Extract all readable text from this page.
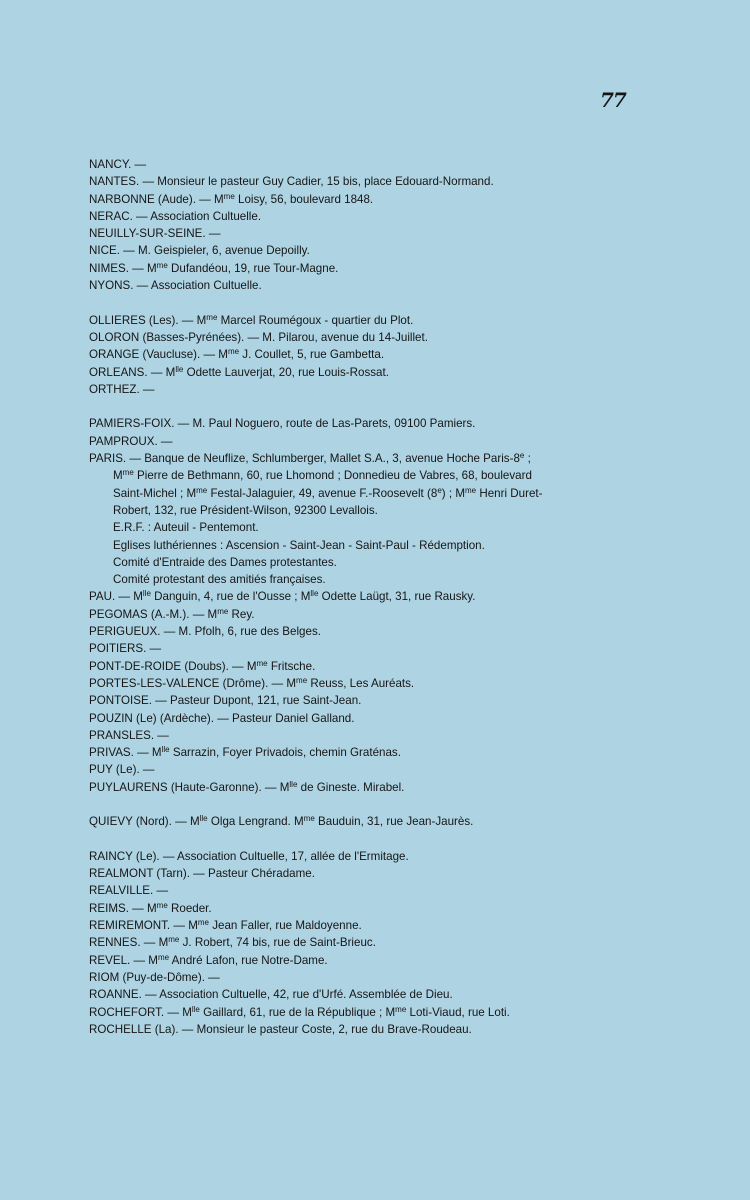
77

NANCY. —

NANTES. — Monsieur le pasteur Guy Cadier, 15 bis, place Edouard-Normand.

NARBONNE (Aude). — $M^{me}$ Loisy, 56, boulevard 1848.

NERAC. — Association Cultuelle.

NEUILLY-SUR-SEINE. —

NICE. — M. Geispieler, 6, avenue Depoilly.

NIMES. — $M^{me}$ Dufandéou, 19, rue Tour-Magne.

NYONS. — Association Cultuelle.

OLLIERES (Les). — $M^{me}$ Marcel Roumégoux - quartier du Plot.

OLORON (Basses-Pyrénées). — M. Pilarou, avenue du 14-Juillet.

ORANGE (Vaucluse). — $M^{me}$ J. Coullet, 5, rue Gambetta.

ORLEANS. — $M^{lle}$ Odette Lauverjat, 20, rue Louis-Rossat.

ORTHEZ. —

PAMIERS-FOIX. — M. Paul Noguero, route de Las-Parets, 09100 Pamiers.

PAMPROUX. —

PARIS. — Banque de Neuflize, Schlumberger, Mallet S.A., 3, avenue Hoche Paris-8e ;

$M^{me}$ Pierre de Bethmann, 60, rue Lhomond ; Donnedieu de Vabres, 68, boulevard

Saint-Michel ; $M^{me}$ Festal-Jalaguier, 49, avenue F.-Roosevelt (8e) ; $M^{me}$ Henri Duret-

Robert, 132, rue Président-Wilson, 92300 Levallois.

E.R.F. : Auteuil - Pentemont.

Eglises luthériennes : Ascension - Saint-Jean - Saint-Paul - Rédemption.

Comité d'Entraide des Dames protestantes.

Comité protestant des amitiés françaises.

PAU. — $M^{lle}$ Danguin, 4, rue de l'Ousse ; $M^{lle}$ Odette Laügt, 31, rue Rausky.

PEGOMAS (A.-M.). — $M^{me}$ Rey.

PERIGUEUX. — M. Pfolh, 6, rue des Belges.

POITIERS. —

PONT-DE-ROIDE (Doubs). — $M^{me}$ Fritsche.

PORTES-LES-VALENCE (Drôme). — $M^{me}$ Reuss, Les Auréats.

PONTOISE. — Pasteur Dupont, 121, rue Saint-Jean.

POUZIN (Le) (Ardèche). — Pasteur Daniel Galland.

PRANSLES. —

PRIVAS. — $M^{lle}$ Sarrazin, Foyer Privadois, chemin Graténas.

PUY (Le). —

PUYLAURENS (Haute-Garonne). — $M^{lle}$ de Gineste. Mirabel.

QUIEVY (Nord). — $M^{lle}$ Olga Lengrand. $M^{me}$ Bauduin, 31, rue Jean-Jaurès.

RAINCY (Le). — Association Cultuelle, 17, allée de l'Ermitage.

REALMONT (Tarn). — Pasteur Chéradame.

REALVILLE. —

REIMS. — $M^{me}$ Roeder.

REMIREMONT. — $M^{me}$ Jean Faller, rue Maldoyenne.

RENNES. — $M^{me}$ J. Robert, 74 bis, rue de Saint-Brieuc.

REVEL. — $M^{me}$ André Lafon, rue Notre-Dame.

RIOM (Puy-de-Dôme). —

ROANNE. — Association Cultuelle, 42, rue d'Urfé. Assemblée de Dieu.

ROCHEFORT. — $M^{lle}$ Gaillard, 61, rue de la République ; $M^{me}$ Loti-Viaud, rue Loti.

ROCHELLE (La). — Monsieur le pasteur Coste, 2, rue du Brave-Roudeau.
